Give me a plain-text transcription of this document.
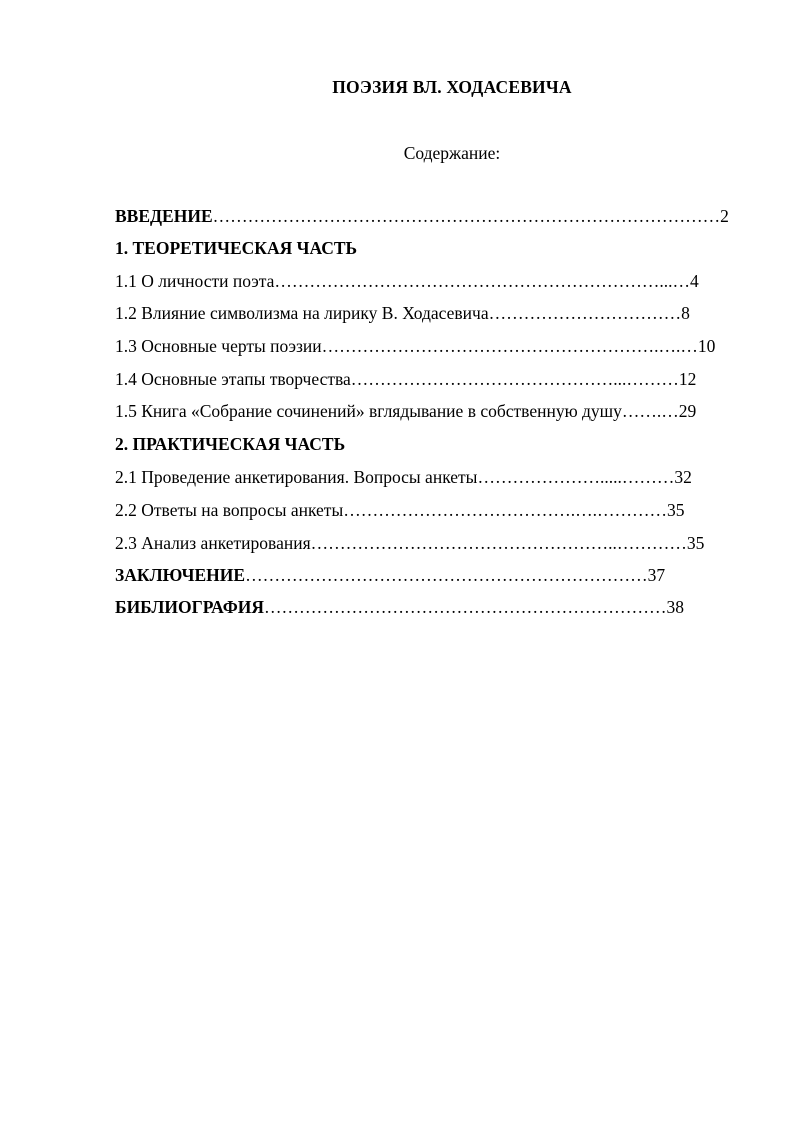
ПОЭЗИЯ ВЛ. ХОДАСЕВИЧА
Содержание:
ВВЕДЕНИЕ……………………………………………………………………………2
1. ТЕОРЕТИЧЕСКАЯ ЧАСТЬ
1.1 О личности поэта…………………………………………………………...…4
1.2 Влияние символизма на лирику В. Ходасевича……………………………8
1.3 Основные черты поэзии………………………………………………….….…10
1.4 Основные этапы творчества………………………………………...………12
1.5 Книга «Собрание сочинений» вглядывание в собственную душу…….…29
2. ПРАКТИЧЕСКАЯ ЧАСТЬ
2.1 Проведение анкетирования. Вопросы анкеты………………….....………32
2.2 Ответы на вопросы анкеты………………………………….….…………35
2.3 Анализ анкетирования……………………………………………..…………35
ЗАКЛЮЧЕНИЕ……………………………………………………………37
БИБЛИОГРАФИЯ……………………………………………………………38
